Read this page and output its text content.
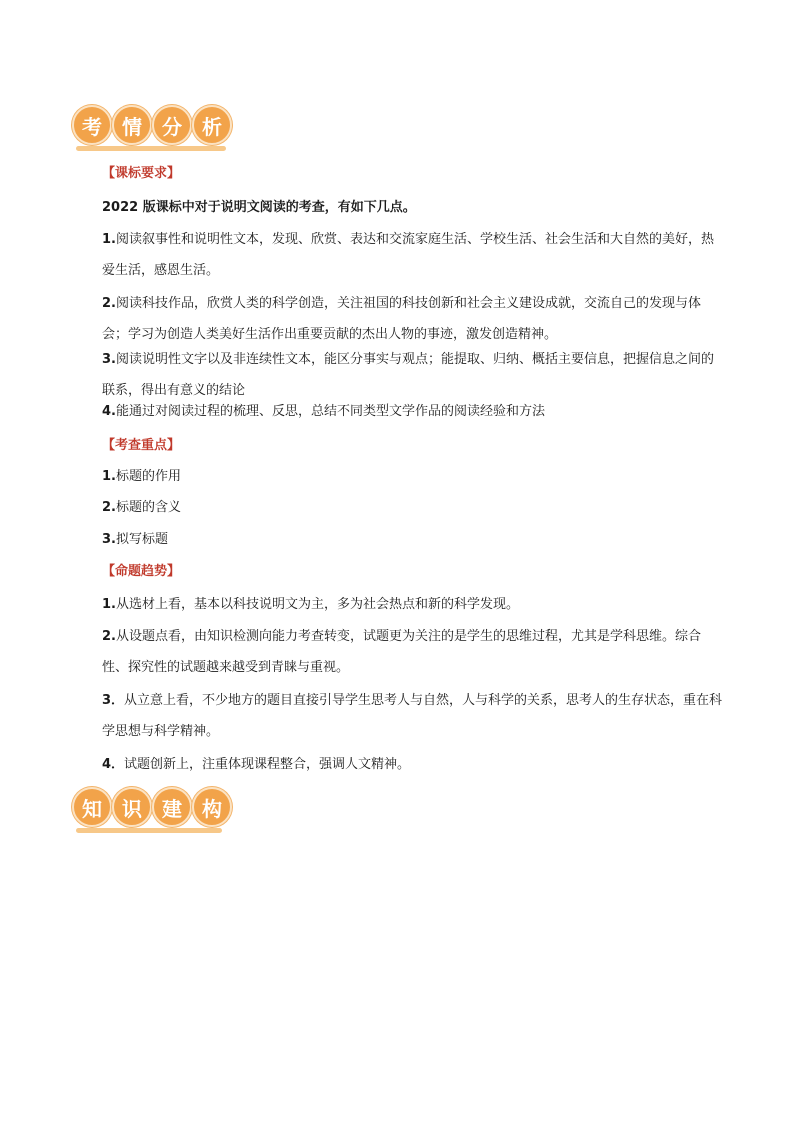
考	情	分	析

【课标要求】

2022 版课标中对于说明文阅读的考查，有如下几点。

1.阅读叙事性和说明性文本，发现、欣赏、表达和交流家庭生活、学校生活、社会生活和大自然的美好，热爱生活，感恩生活。

2.阅读科技作品，欣赏人类的科学创造，关注祖国的科技创新和社会主义建设成就，交流自己的发现与体会；学习为创造人类美好生活作出重要贡献的杰出人物的事迹，激发创造精神。

3.阅读说明性文字以及非连续性文本，能区分事实与观点；能提取、归纳、概括主要信息，把握信息之间的联系，得出有意义的结论

4.能通过对阅读过程的梳理、反思，总结不同类型文学作品的阅读经验和方法

【考查重点】

1.标题的作用

2.标题的含义

3.拟写标题

【命题趋势】

1.从选材上看，基本以科技说明文为主，多为社会热点和新的科学发现。

2.从设题点看，由知识检测向能力考查转变，试题更为关注的是学生的思维过程，尤其是学科思维。综合性、探究性的试题越来越受到青睐与重视。

3．从立意上看，不少地方的题目直接引导学生思考人与自然，人与科学的关系，思考人的生存状态，重在科学思想与科学精神。

4．试题创新上，注重体现课程整合，强调人文精神。

知	识	建	构
